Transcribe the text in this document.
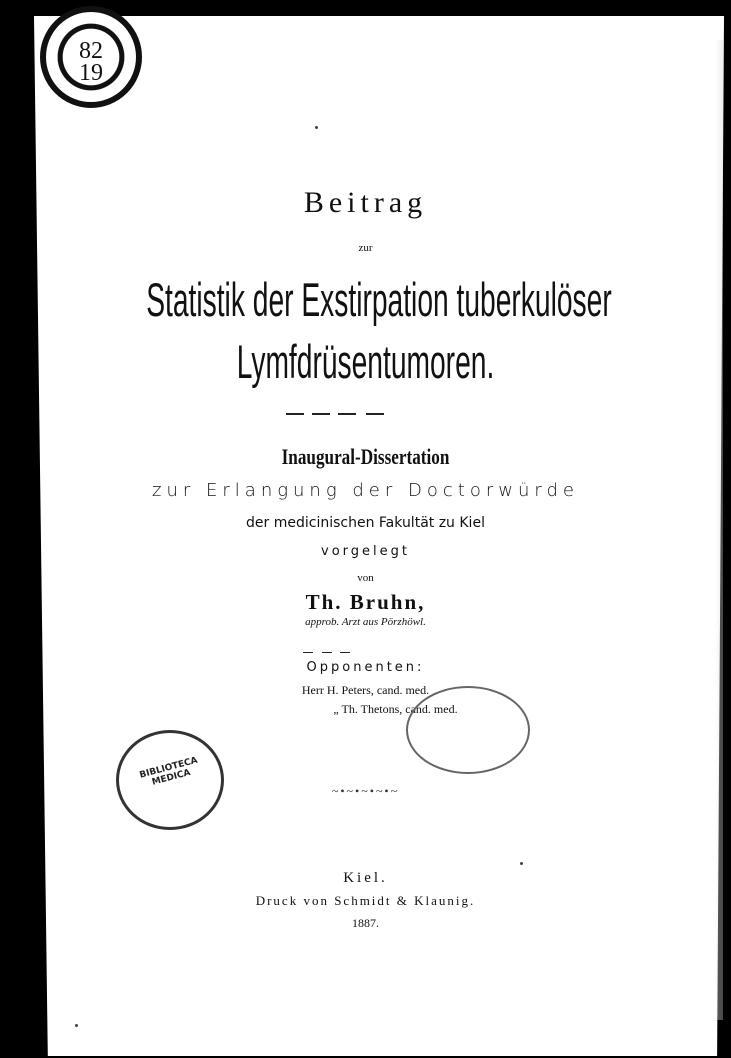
82
19
Beitrag
zur
Statistik der Exstirpation tuberkulöser
Lymfdrüsentumoren.
Inaugural-Dissertation
zur Erlangung der Doctorwürde
der medicinischen Fakultät zu Kiel
vorgelegt
von
Th. Bruhn,
approb. Arzt aus Pörzhöwl.
Opponenten:
Herr H. Peters, cand. med.
„ Th. Thetons, cand. med.
BIBLIOTECA MEDICA
~•~•~•~•~
Kiel.
Druck von Schmidt & Klaunig.
1887.
